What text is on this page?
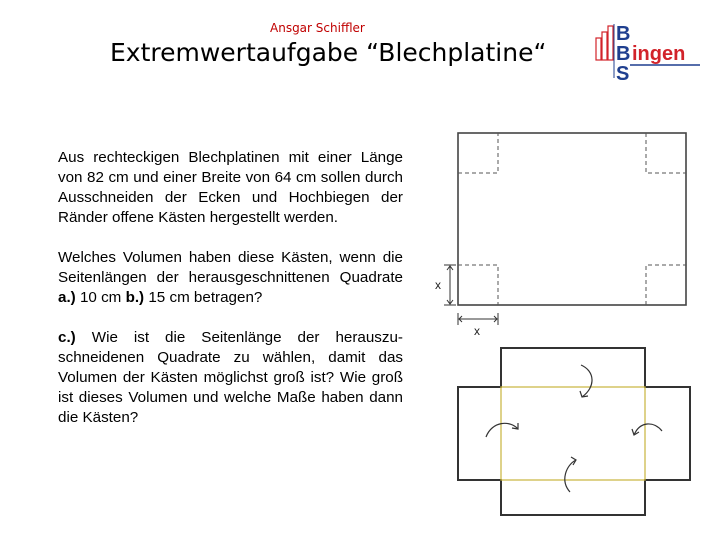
Ansgar Schiffler
Extremwertaufgabe “Blechplatine“
B
B
S
ingen

Aus rechteckigen Blechplatinen mit einer Länge von 82 cm und einer Breite von 64 cm sollen durch Ausschneiden der Ecken und Hochbiegen der Ränder offene Kästen hergestellt werden.

Welches Volumen haben diese Kästen, wenn die Seitenlängen der herausgeschnittenen Quadrate a.) 10 cm b.) 15 cm betragen?

c.) Wie ist die Seitenlänge der herauszu-schneidenen Quadrate zu wählen, damit das Volumen der Kästen möglichst groß ist? Wie groß ist dieses Volumen und welche Maße haben dann die Kästen?

x
x
